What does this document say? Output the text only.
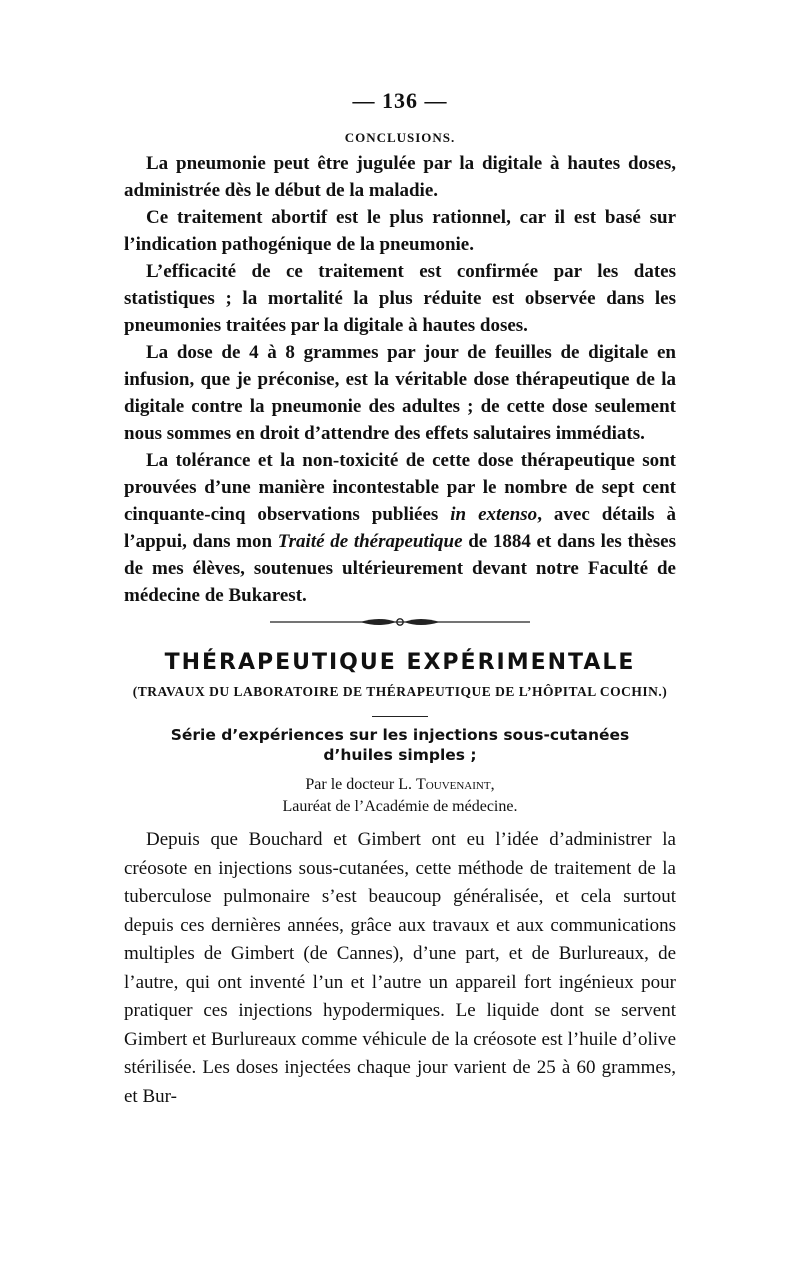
— 136 —
CONCLUSIONS.

La pneumonie peut être jugulée par la digitale à hautes doses, administrée dès le début de la maladie.

Ce traitement abortif est le plus rationnel, car il est basé sur l’indication pathogénique de la pneumonie.

L’efficacité de ce traitement est confirmée par les dates statistiques ; la mortalité la plus réduite est observée dans les pneumonies traitées par la digitale à hautes doses.

La dose de 4 à 8 grammes par jour de feuilles de digitale en infusion, que je préconise, est la véritable dose thérapeutique de la digitale contre la pneumonie des adultes ; de cette dose seulement nous sommes en droit d’attendre des effets salutaires immédiats.

La tolérance et la non-toxicité de cette dose thérapeutique sont prouvées d’une manière incontestable par le nombre de sept cent cinquante-cinq observations publiées in extenso, avec détails à l’appui, dans mon Traité de thérapeutique de 1884 et dans les thèses de mes élèves, soutenues ultérieurement devant notre Faculté de médecine de Bukarest.

THÉRAPEUTIQUE EXPÉRIMENTALE
(TRAVAUX DU LABORATOIRE DE THÉRAPEUTIQUE DE L’HÔPITAL COCHIN.)
Série d’expériences sur les injections sous-cutanées
d’huiles simples ;
Par le docteur L. Touvenaint,
Lauréat de l’Académie de médecine.

Depuis que Bouchard et Gimbert ont eu l’idée d’administrer la créosote en injections sous-cutanées, cette méthode de traitement de la tuberculose pulmonaire s’est beaucoup généralisée, et cela surtout depuis ces dernières années, grâce aux travaux et aux communications multiples de Gimbert (de Cannes), d’une part, et de Burlureaux, de l’autre, qui ont inventé l’un et l’autre un appareil fort ingénieux pour pratiquer ces injections hypodermiques. Le liquide dont se servent Gimbert et Burlureaux comme véhicule de la créosote est l’huile d’olive stérilisée. Les doses injectées chaque jour varient de 25 à 60 grammes, et Bur-
